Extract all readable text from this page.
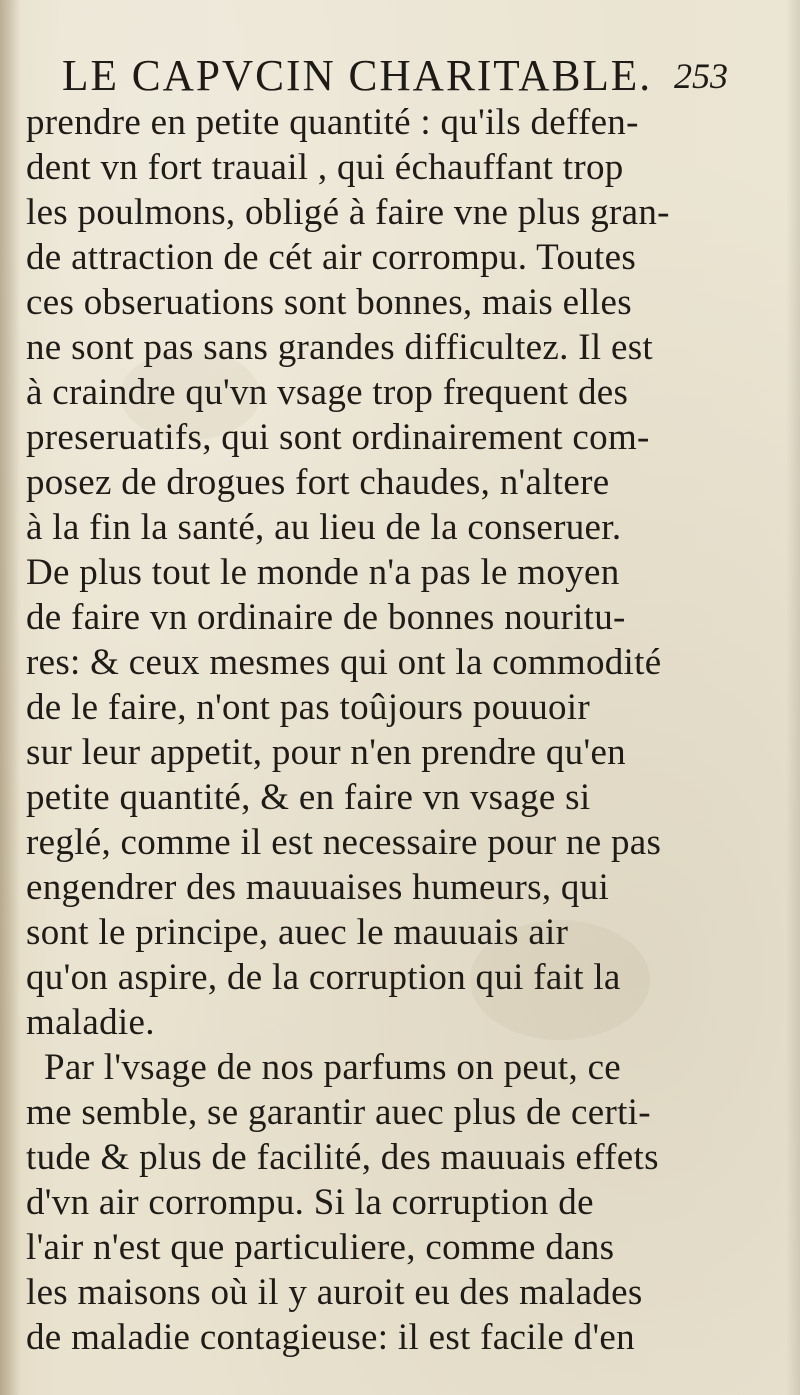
LE CAPVCIN CHARITABLE. 253
prendre en petite quantité : qu'ils deffen-
dent vn fort trauail , qui échauffant trop
les poulmons, obligé à faire vne plus gran-
de attraction de cét air corrompu. Toutes
ces obseruations sont bonnes, mais elles
ne sont pas sans grandes difficultez. Il est
à craindre qu'vn vsage trop frequent des
preseruatifs, qui sont ordinairement com-
posez de drogues fort chaudes, n'altere
à la fin la santé, au lieu de la conseruer.
De plus tout le monde n'a pas le moyen
de faire vn ordinaire de bonnes nouritu-
res: & ceux mesmes qui ont la commodité
de le faire, n'ont pas toûjours pouuoir
sur leur appetit, pour n'en prendre qu'en
petite quantité, & en faire vn vsage si
reglé, comme il est necessaire pour ne pas
engendrer des mauuaises humeurs, qui
sont le principe, auec le mauuais air
qu'on aspire, de la corruption qui fait la
maladie.
Par l'vsage de nos parfums on peut, ce
me semble, se garantir auec plus de certi-
tude & plus de facilité, des mauuais effets
d'vn air corrompu. Si la corruption de
l'air n'est que particuliere, comme dans
les maisons où il y auroit eu des malades
de maladie contagieuse: il est facile d'en
